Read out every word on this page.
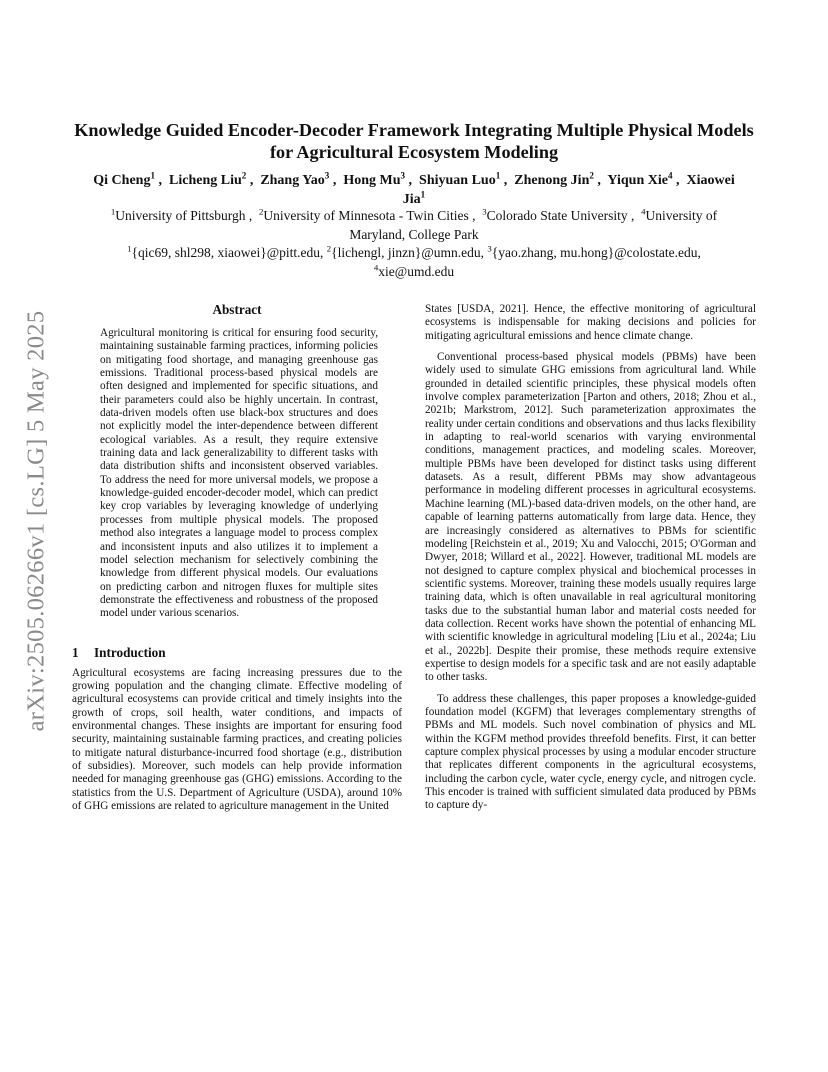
arXiv:2505.06266v1 [cs.LG] 5 May 2025
Knowledge Guided Encoder-Decoder Framework Integrating Multiple Physical Models for Agricultural Ecosystem Modeling
Qi Cheng$^1$ ,  Licheng Liu$^2$ ,  Zhang Yao$^3$ ,  Hong Mu$^3$ ,  Shiyuan Luo$^1$ ,  Zhenong Jin$^2$ ,  Yiqun Xie$^4$ ,  Xiaowei Jia$^1$
$^1$University of Pittsburgh ,  $^2$University of Minnesota - Twin Cities ,  $^3$Colorado State University ,  $^4$University of Maryland, College Park
$^1${qic69, shl298, xiaowei}@pitt.edu, $^2${lichengl, jinzn}@umn.edu, $^3${yao.zhang, mu.hong}@colostate.edu, $^4$xie@umd.edu
Abstract

Agricultural monitoring is critical for ensuring food security, maintaining sustainable farming practices, informing policies on mitigating food shortage, and managing greenhouse gas emissions. Traditional process-based physical models are often designed and implemented for specific situations, and their parameters could also be highly uncertain. In contrast, data-driven models often use black-box structures and does not explicitly model the inter-dependence between different ecological variables. As a result, they require extensive training data and lack generalizability to different tasks with data distribution shifts and inconsistent observed variables. To address the need for more universal models, we propose a knowledge-guided encoder-decoder model, which can predict key crop variables by leveraging knowledge of underlying processes from multiple physical models. The proposed method also integrates a language model to process complex and inconsistent inputs and also utilizes it to implement a model selection mechanism for selectively combining the knowledge from different physical models. Our evaluations on predicting carbon and nitrogen fluxes for multiple sites demonstrate the effectiveness and robustness of the proposed model under various scenarios.

1 Introduction

Agricultural ecosystems are facing increasing pressures due to the growing population and the changing climate. Effective modeling of agricultural ecosystems can provide critical and timely insights into the growth of crops, soil health, water conditions, and impacts of environmental changes. These insights are important for ensuring food security, maintaining sustainable farming practices, and creating policies to mitigate natural disturbance-incurred food shortage (e.g., distribution of subsidies). Moreover, such models can help provide information needed for managing greenhouse gas (GHG) emissions. According to the statistics from the U.S. Department of Agriculture (USDA), around 10% of GHG emissions are related to agriculture management in the United

States [USDA, 2021]. Hence, the effective monitoring of agricultural ecosystems is indispensable for making decisions and policies for mitigating agricultural emissions and hence climate change.

Conventional process-based physical models (PBMs) have been widely used to simulate GHG emissions from agricultural land. While grounded in detailed scientific principles, these physical models often involve complex parameterization [Parton and others, 2018; Zhou et al., 2021b; Markstrom, 2012]. Such parameterization approximates the reality under certain conditions and observations and thus lacks flexibility in adapting to real-world scenarios with varying environmental conditions, management practices, and modeling scales. Moreover, multiple PBMs have been developed for distinct tasks using different datasets. As a result, different PBMs may show advantageous performance in modeling different processes in agricultural ecosystems. Machine learning (ML)-based data-driven models, on the other hand, are capable of learning patterns automatically from large data. Hence, they are increasingly considered as alternatives to PBMs for scientific modeling [Reichstein et al., 2019; Xu and Valocchi, 2015; O'Gorman and Dwyer, 2018; Willard et al., 2022]. However, traditional ML models are not designed to capture complex physical and biochemical processes in scientific systems. Moreover, training these models usually requires large training data, which is often unavailable in real agricultural monitoring tasks due to the substantial human labor and material costs needed for data collection. Recent works have shown the potential of enhancing ML with scientific knowledge in agricultural modeling [Liu et al., 2024a; Liu et al., 2022b]. Despite their promise, these methods require extensive expertise to design models for a specific task and are not easily adaptable to other tasks.

To address these challenges, this paper proposes a knowledge-guided foundation model (KGFM) that leverages complementary strengths of PBMs and ML models. Such novel combination of physics and ML within the KGFM method provides threefold benefits. First, it can better capture complex physical processes by using a modular encoder structure that replicates different components in the agricultural ecosystems, including the carbon cycle, water cycle, energy cycle, and nitrogen cycle. This encoder is trained with sufficient simulated data produced by PBMs to capture dy-
